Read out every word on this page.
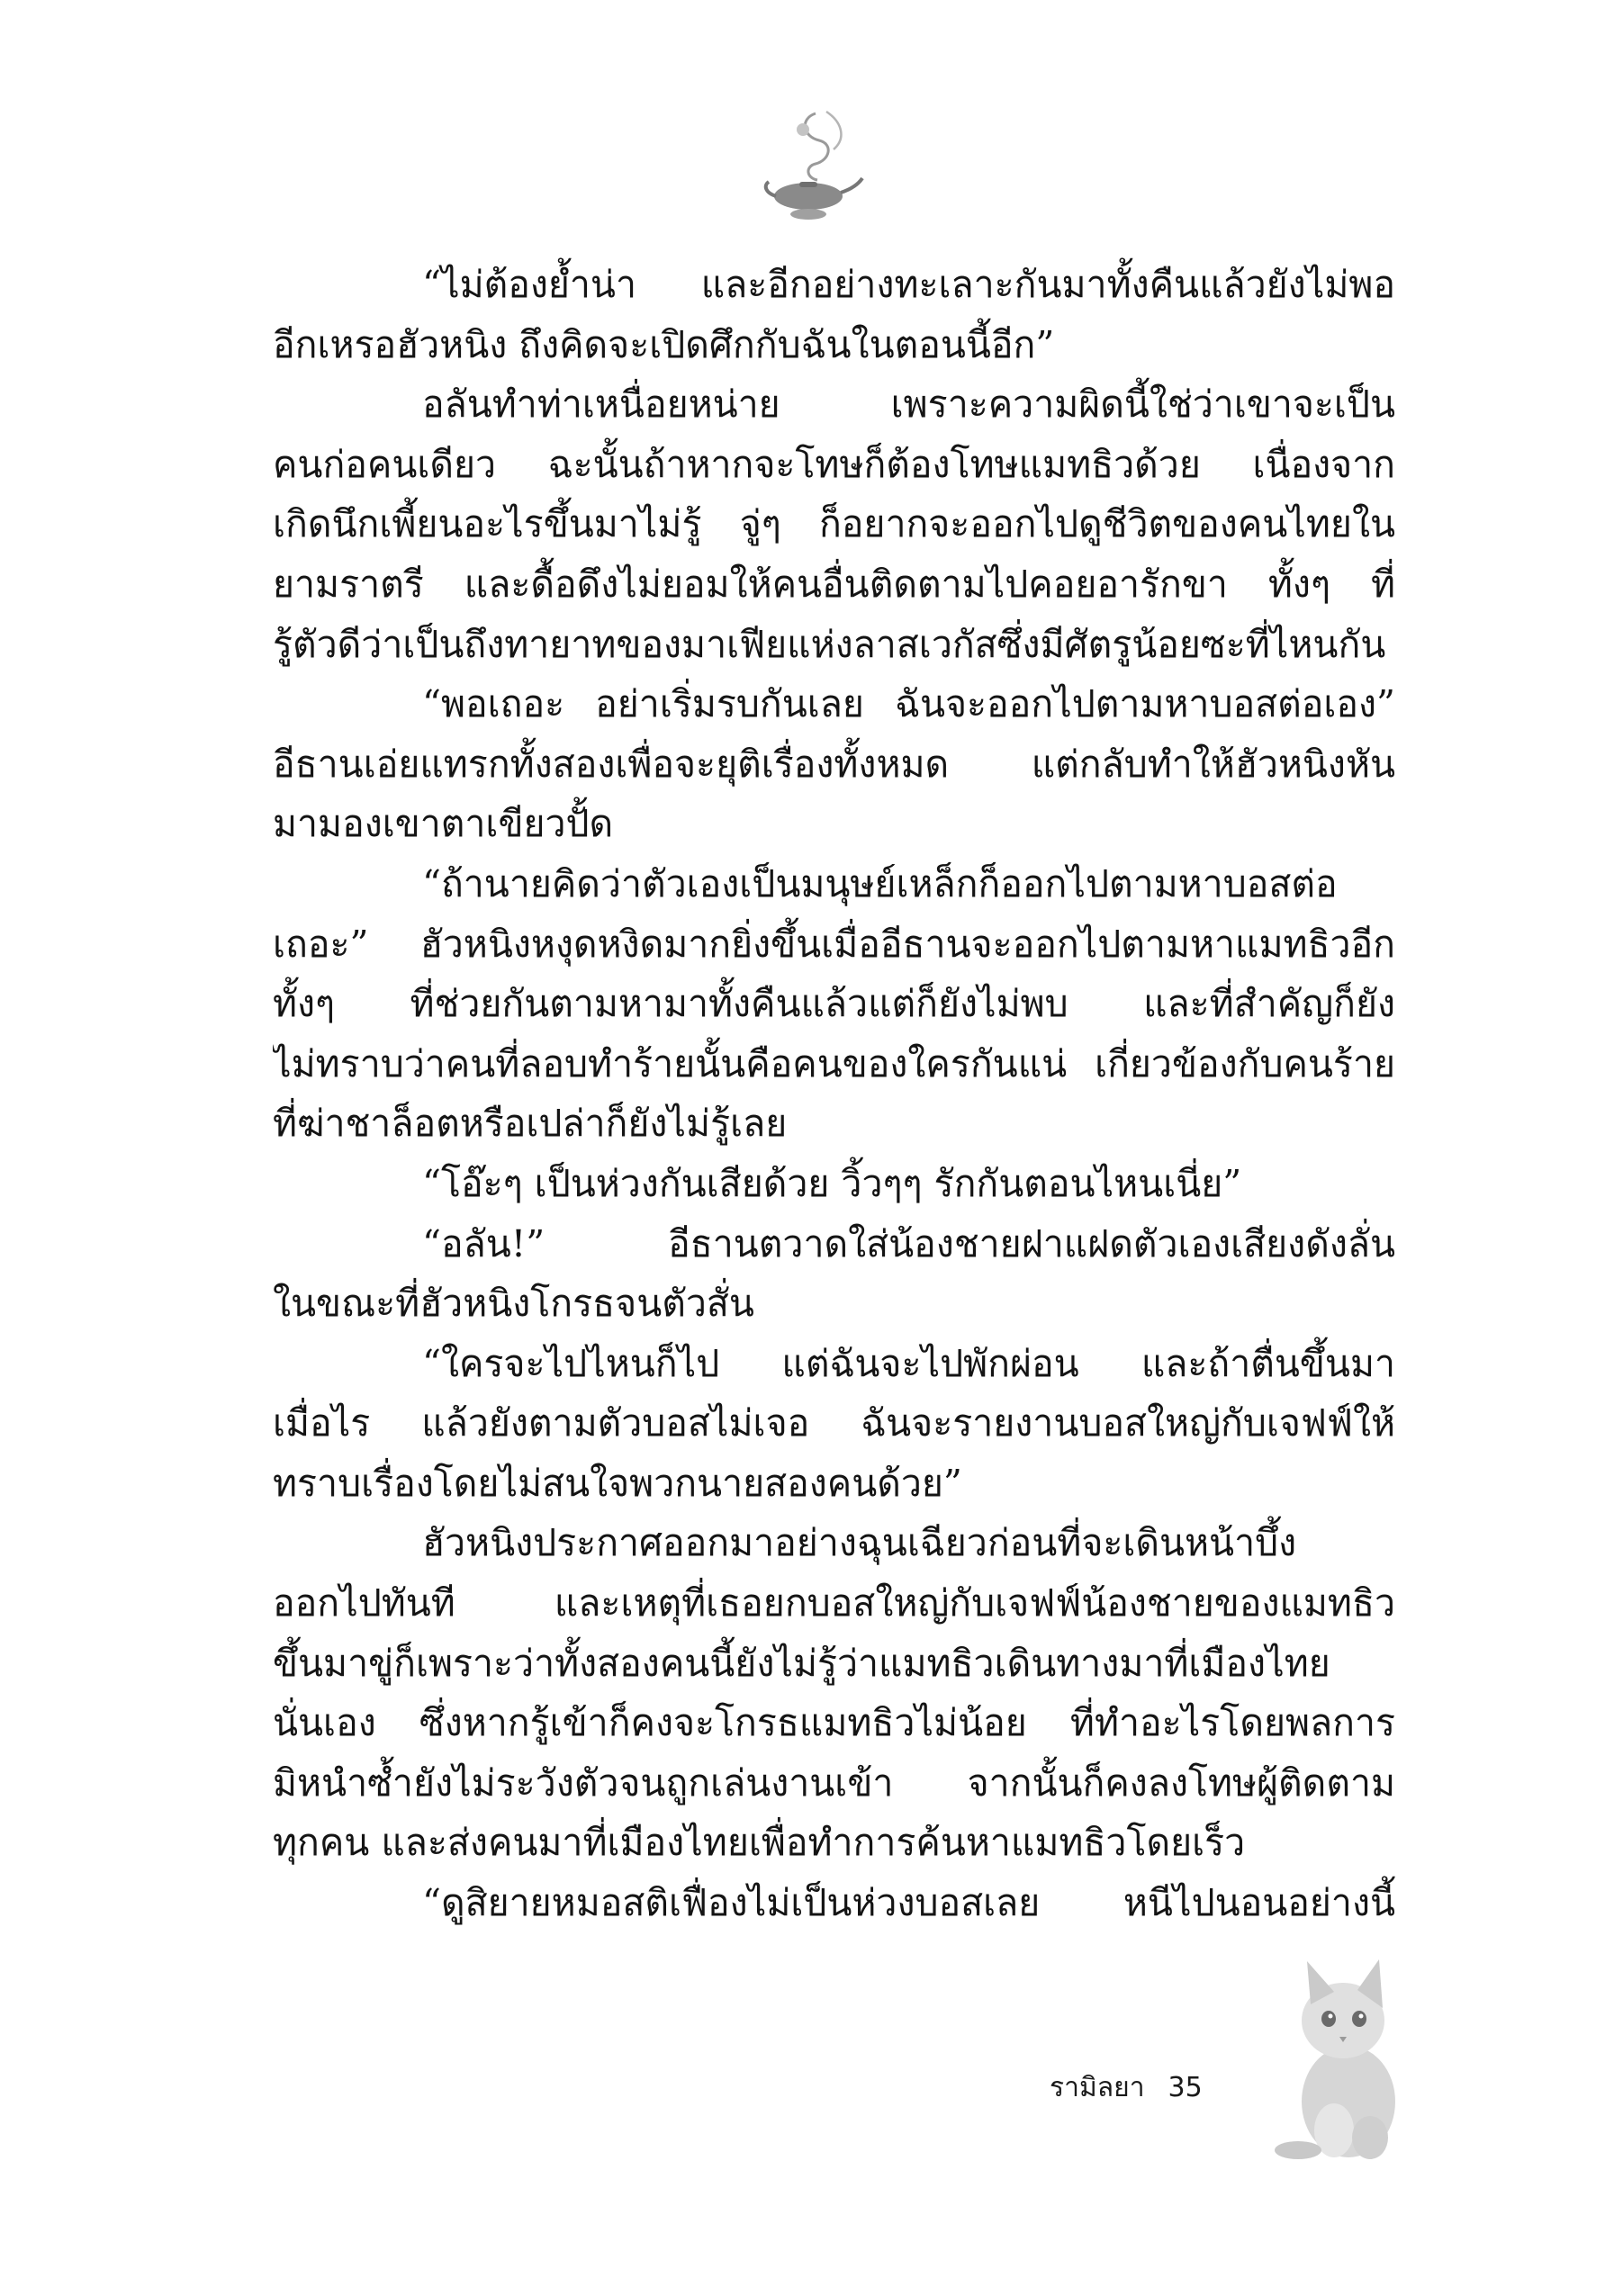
“ไม่ต้องย้ำน่า และอีกอย่างทะเลาะกันมาทั้งคืนแล้วยังไม่พอ
อีกเหรอฮัวหนิง ถึงคิดจะเปิดศึกกับฉันในตอนนี้อีก”
อลันทำท่าเหนื่อยหน่าย เพราะความผิดนี้ใช่ว่าเขาจะเป็น
คนก่อคนเดียว ฉะนั้นถ้าหากจะโทษก็ต้องโทษแมทธิวด้วย เนื่องจาก
เกิดนึกเพี้ยนอะไรขึ้นมาไม่รู้ จู่ๆ ก็อยากจะออกไปดูชีวิตของคนไทยใน
ยามราตรี และดื้อดึงไม่ยอมให้คนอื่นติดตามไปคอยอารักขา ทั้งๆ ที่
รู้ตัวดีว่าเป็นถึงทายาทของมาเฟียแห่งลาสเวกัสซึ่งมีศัตรูน้อยซะที่ไหนกัน
“พอเถอะ อย่าเริ่มรบกันเลย ฉันจะออกไปตามหาบอสต่อเอง”
อีธานเอ่ยแทรกทั้งสองเพื่อจะยุติเรื่องทั้งหมด แต่กลับทำให้ฮัวหนิงหัน
มามองเขาตาเขียวปั้ด
“ถ้านายคิดว่าตัวเองเป็นมนุษย์เหล็กก็ออกไปตามหาบอสต่อ
เถอะ” ฮัวหนิงหงุดหงิดมากยิ่งขึ้นเมื่ออีธานจะออกไปตามหาแมทธิวอีก
ทั้งๆ ที่ช่วยกันตามหามาทั้งคืนแล้วแต่ก็ยังไม่พบ และที่สำคัญก็ยัง
ไม่ทราบว่าคนที่ลอบทำร้ายนั้นคือคนของใครกันแน่ เกี่ยวข้องกับคนร้าย
ที่ฆ่าชาล็อตหรือเปล่าก็ยังไม่รู้เลย
“โอ๊ะๆ เป็นห่วงกันเสียด้วย วิ้วๆๆ รักกันตอนไหนเนี่ย”
“อลัน!” อีธานตวาดใส่น้องชายฝาแฝดตัวเองเสียงดังลั่น
ในขณะที่ฮัวหนิงโกรธจนตัวสั่น
“ใครจะไปไหนก็ไป แต่ฉันจะไปพักผ่อน และถ้าตื่นขึ้นมา
เมื่อไร แล้วยังตามตัวบอสไม่เจอ ฉันจะรายงานบอสใหญ่กับเจฟฟ์ให้
ทราบเรื่องโดยไม่สนใจพวกนายสองคนด้วย”
ฮัวหนิงประกาศออกมาอย่างฉุนเฉียวก่อนที่จะเดินหน้าบึ้ง
ออกไปทันที และเหตุที่เธอยกบอสใหญ่กับเจฟฟ์น้องชายของแมทธิว
ขึ้นมาขู่ก็เพราะว่าทั้งสองคนนี้ยังไม่รู้ว่าแมทธิวเดินทางมาที่เมืองไทย
นั่นเอง ซึ่งหากรู้เข้าก็คงจะโกรธแมทธิวไม่น้อย ที่ทำอะไรโดยพลการ
มิหนำซ้ำยังไม่ระวังตัวจนถูกเล่นงานเข้า จากนั้นก็คงลงโทษผู้ติดตาม
ทุกคน และส่งคนมาที่เมืองไทยเพื่อทำการค้นหาแมทธิวโดยเร็ว
“ดูสิยายหมอสติเฟื่องไม่เป็นห่วงบอสเลย หนีไปนอนอย่างนี้
รามิลยา 35
